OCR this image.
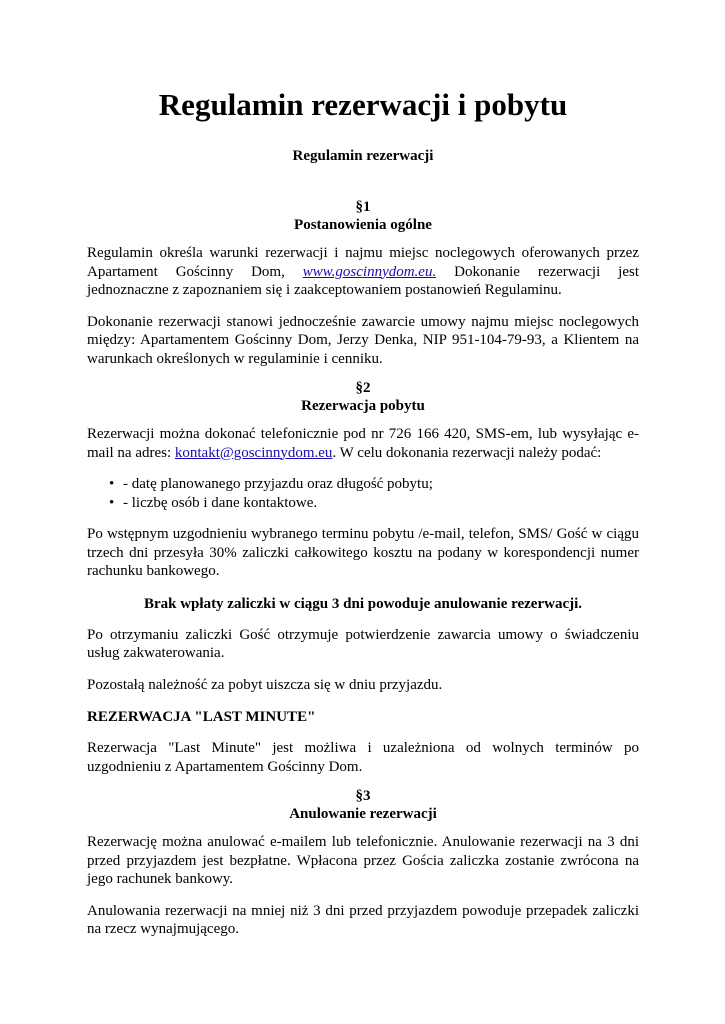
Regulamin rezerwacji i pobytu
Regulamin rezerwacji
§1
Postanowienia ogólne

Regulamin określa warunki rezerwacji i najmu miejsc noclegowych oferowanych przez Apartament Gościnny Dom, www.goscinnydom.eu. Dokonanie rezerwacji jest jednoznaczne z zapoznaniem się i zaakceptowaniem postanowień Regulaminu.

Dokonanie rezerwacji stanowi jednocześnie zawarcie umowy najmu miejsc noclegowych między: Apartamentem Gościnny Dom, Jerzy Denka, NIP 951-104-79-93, a Klientem na warunkach określonych w regulaminie i cenniku.

§2
Rezerwacja pobytu

Rezerwacji można dokonać telefonicznie pod nr 726 166 420, SMS-em, lub wysyłając e-mail na adres: kontakt@goscinnydom.eu. W celu dokonania rezerwacji należy podać:

• - datę planowanego przyjazdu oraz długość pobytu;
• - liczbę osób i dane kontaktowe.

Po wstępnym uzgodnieniu wybranego terminu pobytu /e-mail, telefon, SMS/ Gość w ciągu trzech dni przesyła 30% zaliczki całkowitego kosztu na podany w korespondencji numer rachunku bankowego.

Brak wpłaty zaliczki w ciągu 3 dni powoduje anulowanie rezerwacji.

Po otrzymaniu zaliczki Gość otrzymuje potwierdzenie zawarcia umowy o świadczeniu usług zakwaterowania.

Pozostałą należność za pobyt uiszcza się w dniu przyjazdu.

REZERWACJA "LAST MINUTE"

Rezerwacja "Last Minute" jest możliwa i uzależniona od wolnych terminów po uzgodnieniu z Apartamentem Gościnny Dom.

§3
Anulowanie rezerwacji

Rezerwację można anulować e-mailem lub telefonicznie. Anulowanie rezerwacji na 3 dni przed przyjazdem jest bezpłatne. Wpłacona przez Gościa zaliczka zostanie zwrócona na jego rachunek bankowy.

Anulowania rezerwacji na mniej niż 3 dni przed przyjazdem powoduje przepadek zaliczki na rzecz wynajmującego.
